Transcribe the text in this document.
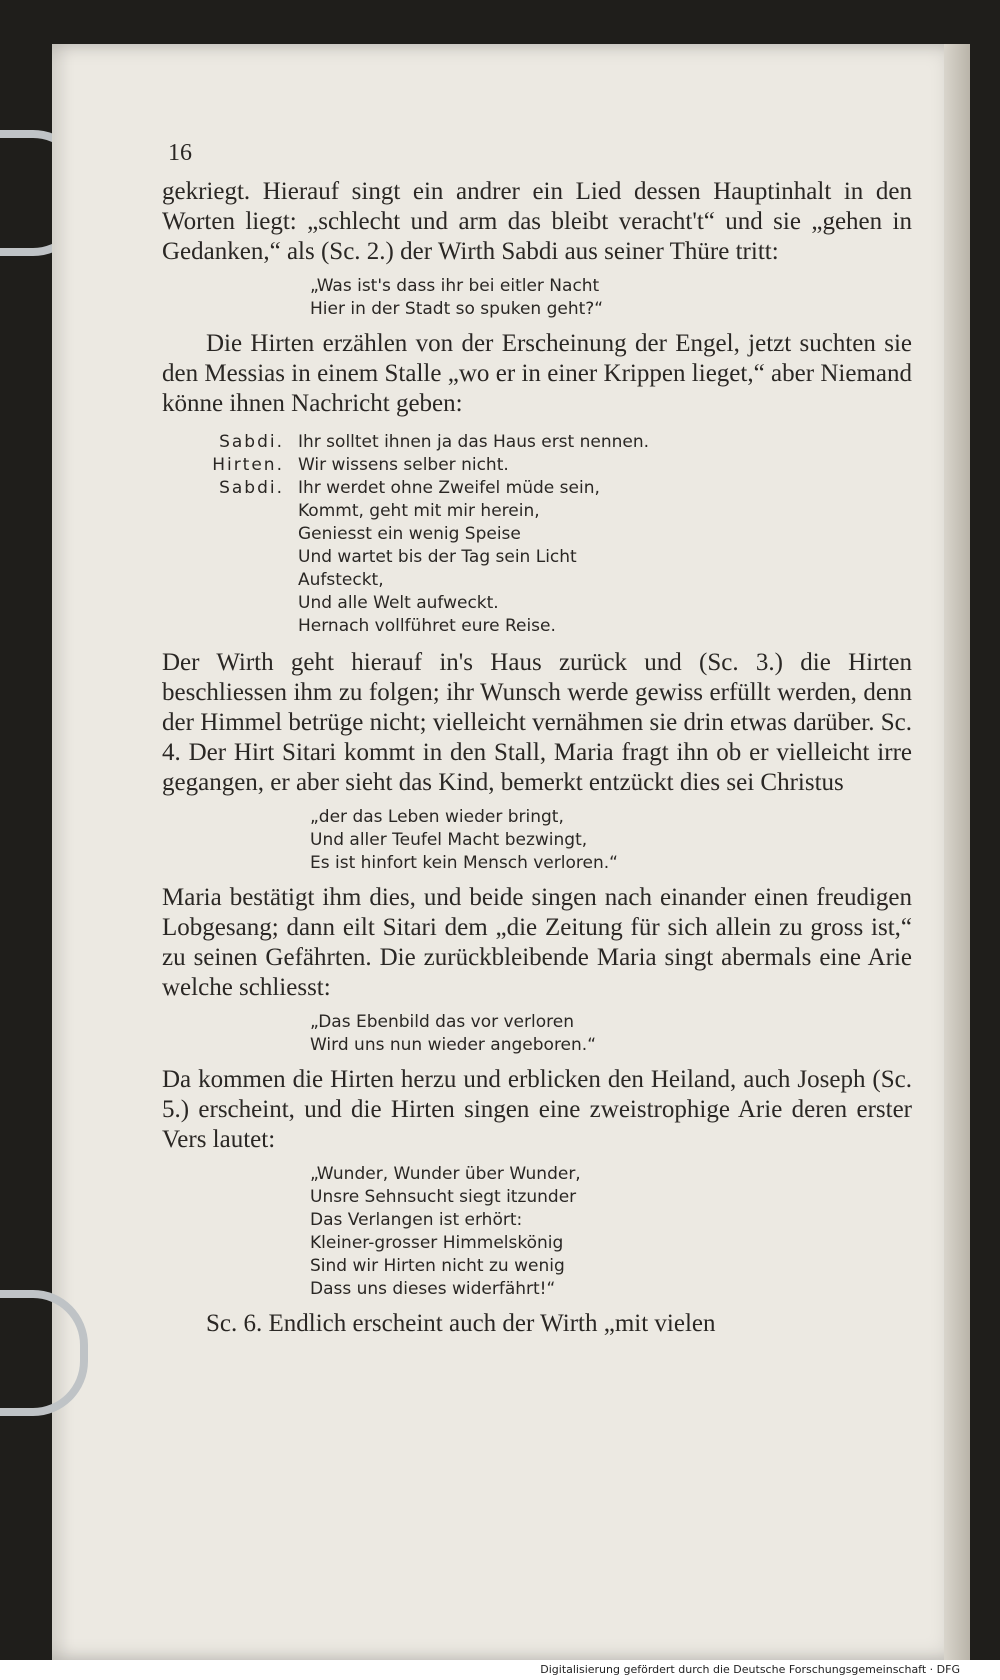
16

gekriegt. Hierauf singt ein andrer ein Lied dessen Hauptinhalt in den Worten liegt: „schlecht und arm das bleibt veracht't“ und sie „gehen in Gedanken,“ als (Sc. 2.) der Wirth Sabdi aus seiner Thüre tritt:

„Was ist's dass ihr bei eitler Nacht
Hier in der Stadt so spuken geht?“

Die Hirten erzählen von der Erscheinung der Engel, jetzt suchten sie den Messias in einem Stalle „wo er in einer Krippen lieget,“ aber Niemand könne ihnen Nachricht geben:

Sabdi. Ihr solltet ihnen ja das Haus erst nennen.
Hirten. Wir wissens selber nicht.
Sabdi. Ihr werdet ohne Zweifel müde sein,
Kommt, geht mit mir herein,
Geniesst ein wenig Speise
Und wartet bis der Tag sein Licht
Aufsteckt,
Und alle Welt aufweckt.
Hernach vollführet eure Reise.

Der Wirth geht hierauf in's Haus zurück und (Sc. 3.) die Hirten beschliessen ihm zu folgen; ihr Wunsch werde gewiss erfüllt werden, denn der Himmel betrüge nicht; vielleicht vernähmen sie drin etwas darüber. Sc. 4. Der Hirt Sitari kommt in den Stall, Maria fragt ihn ob er vielleicht irre gegangen, er aber sieht das Kind, bemerkt entzückt dies sei Christus

„der das Leben wieder bringt,
Und aller Teufel Macht bezwingt,
Es ist hinfort kein Mensch verloren.“

Maria bestätigt ihm dies, und beide singen nach einander einen freudigen Lobgesang; dann eilt Sitari dem „die Zeitung für sich allein zu gross ist,“ zu seinen Gefährten. Die zurückbleibende Maria singt abermals eine Arie welche schliesst:

„Das Ebenbild das vor verloren
Wird uns nun wieder angeboren.“

Da kommen die Hirten herzu und erblicken den Heiland, auch Joseph (Sc. 5.) erscheint, und die Hirten singen eine zweistrophige Arie deren erster Vers lautet:

„Wunder, Wunder über Wunder,
Unsre Sehnsucht siegt itzunder
Das Verlangen ist erhört:
Kleiner-grosser Himmelskönig
Sind wir Hirten nicht zu wenig
Dass uns dieses widerfährt!“

Sc. 6. Endlich erscheint auch der Wirth „mit vielen

Digitalisierung gefördert durch die Deutsche Forschungsgemeinschaft · DFG
